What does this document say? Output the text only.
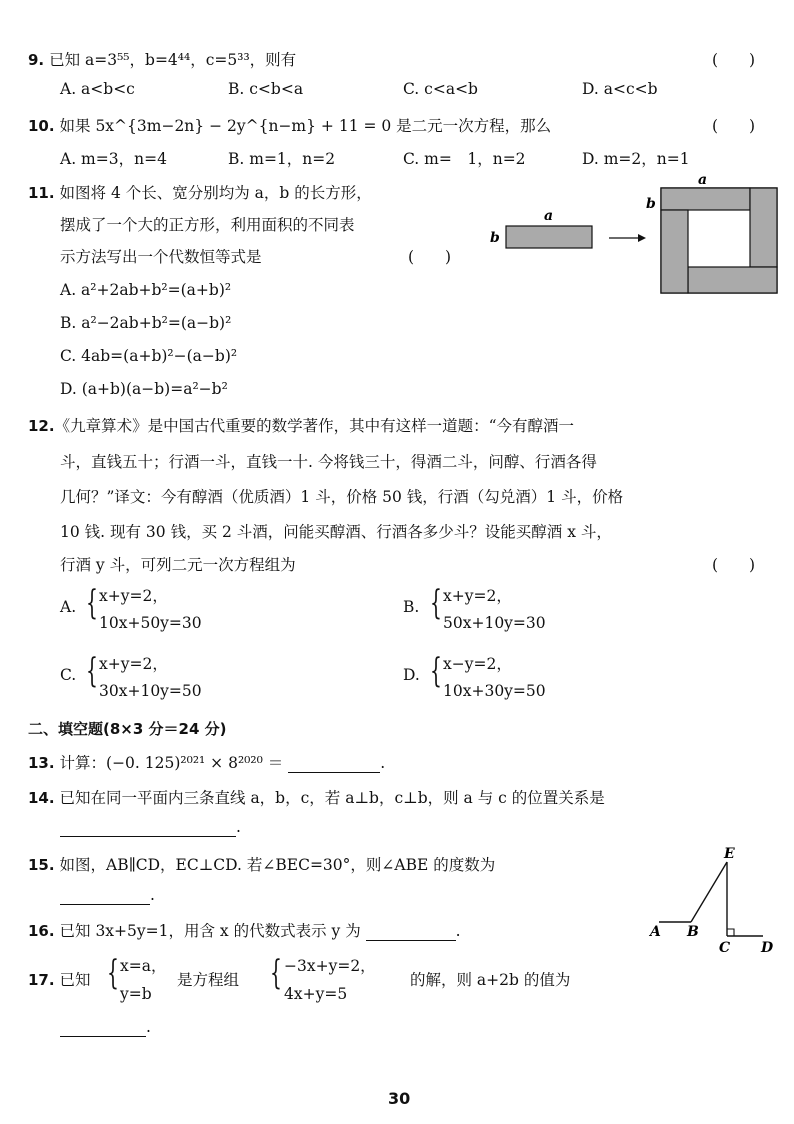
9. 已知 a=3⁵⁵，b=4⁴⁴，c=5³³，则有	(　　)
A. a<b<c	B. c<b<a	C. c<a<b	D. a<c<b
10. 如果 5x^{3m−2n} − 2y^{n−m} + 11 = 0 是二元一次方程，那么	(　　)
A. m=3，n=4	B. m=1，n=2	C. m=　1，n=2	D. m=2，n=1
11. 如图将 4 个长、宽分别均为 a，b 的长方形，
摆成了一个大的正方形，利用面积的不同表
示方法写出一个代数恒等式是	(　　)
A. a²+2ab+b²=(a+b)²
B. a²−2ab+b²=(a−b)²
C. 4ab=(a+b)²−(a−b)²
D. (a+b)(a−b)=a²−b²
a
b
a
b
12.《九章算术》是中国古代重要的数学著作，其中有这样一道题：“今有醇酒一
斗，直钱五十；行酒一斗，直钱一十. 今将钱三十，得酒二斗，问醇、行酒各得
几何？”译文：今有醇酒（优质酒）1 斗，价格 50 钱，行酒（勾兑酒）1 斗，价格
10 钱. 现有 30 钱，买 2 斗酒，问能买醇酒、行酒各多少斗？设能买醇酒 x 斗，
行酒 y 斗，可列二元一次方程组为	(　　)
A. { x+y=2，
10x+50y=30
B. { x+y=2，
50x+10y=30
C. { x+y=2，
30x+10y=50
D. { x−y=2，
10x+30y=50
二、填空题(8×3 分＝24 分)
13. 计算：(−0. 125)²⁰²¹ × 8²⁰²⁰ ＝	.
14. 已知在同一平面内三条直线 a，b，c，若 a⊥b，c⊥b，则 a 与 c 的位置关系是
.
15. 如图，AB∥CD，EC⊥CD. 若∠BEC=30°，则∠ABE 的度数为
.
E
A B
C D
16. 已知 3x+5y=1，用含 x 的代数式表示 y 为	.
17. 已知 { x=a，
y=b
是方程组 { −3x+y=2，
4x+y=5
的解，则 a+2b 的值为
.
30
